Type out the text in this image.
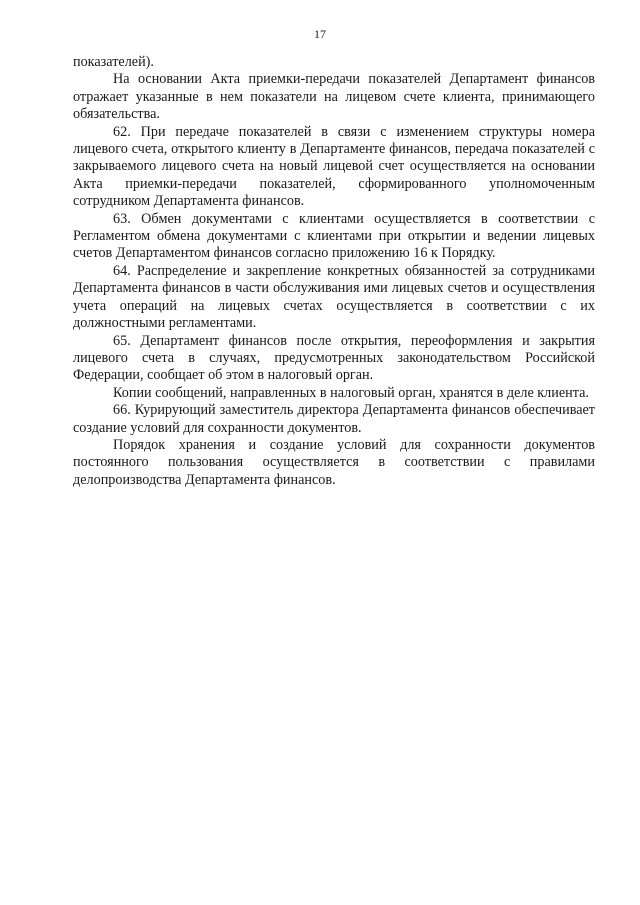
17

показателей).

На основании Акта приемки-передачи показателей Департамент финансов отражает указанные в нем показатели на лицевом счете клиента, принимающего обязательства.

62. При передаче показателей в связи с изменением структуры номера лицевого счета, открытого клиенту в Департаменте финансов, передача показателей с закрываемого лицевого счета на новый лицевой счет осуществляется на основании Акта приемки-передачи показателей, сформированного уполномоченным сотрудником Департамента финансов.

63. Обмен документами с клиентами осуществляется в соответствии с Регламентом обмена документами с клиентами при открытии и ведении лицевых счетов Департаментом финансов согласно приложению 16 к Порядку.

64. Распределение и закрепление конкретных обязанностей за сотрудниками Департамента финансов в части обслуживания ими лицевых счетов и осуществления учета операций на лицевых счетах осуществляется в соответствии с их должностными регламентами.

65. Департамент финансов после открытия, переоформления и закрытия лицевого счета в случаях, предусмотренных законодательством Российской Федерации, сообщает об этом в налоговый орган.

Копии сообщений, направленных в налоговый орган, хранятся в деле клиента.

66. Курирующий заместитель директора Департамента финансов обеспечивает создание условий для сохранности документов.

Порядок хранения и создание условий для сохранности документов постоянного пользования осуществляется в соответствии с правилами делопроизводства Департамента финансов.
